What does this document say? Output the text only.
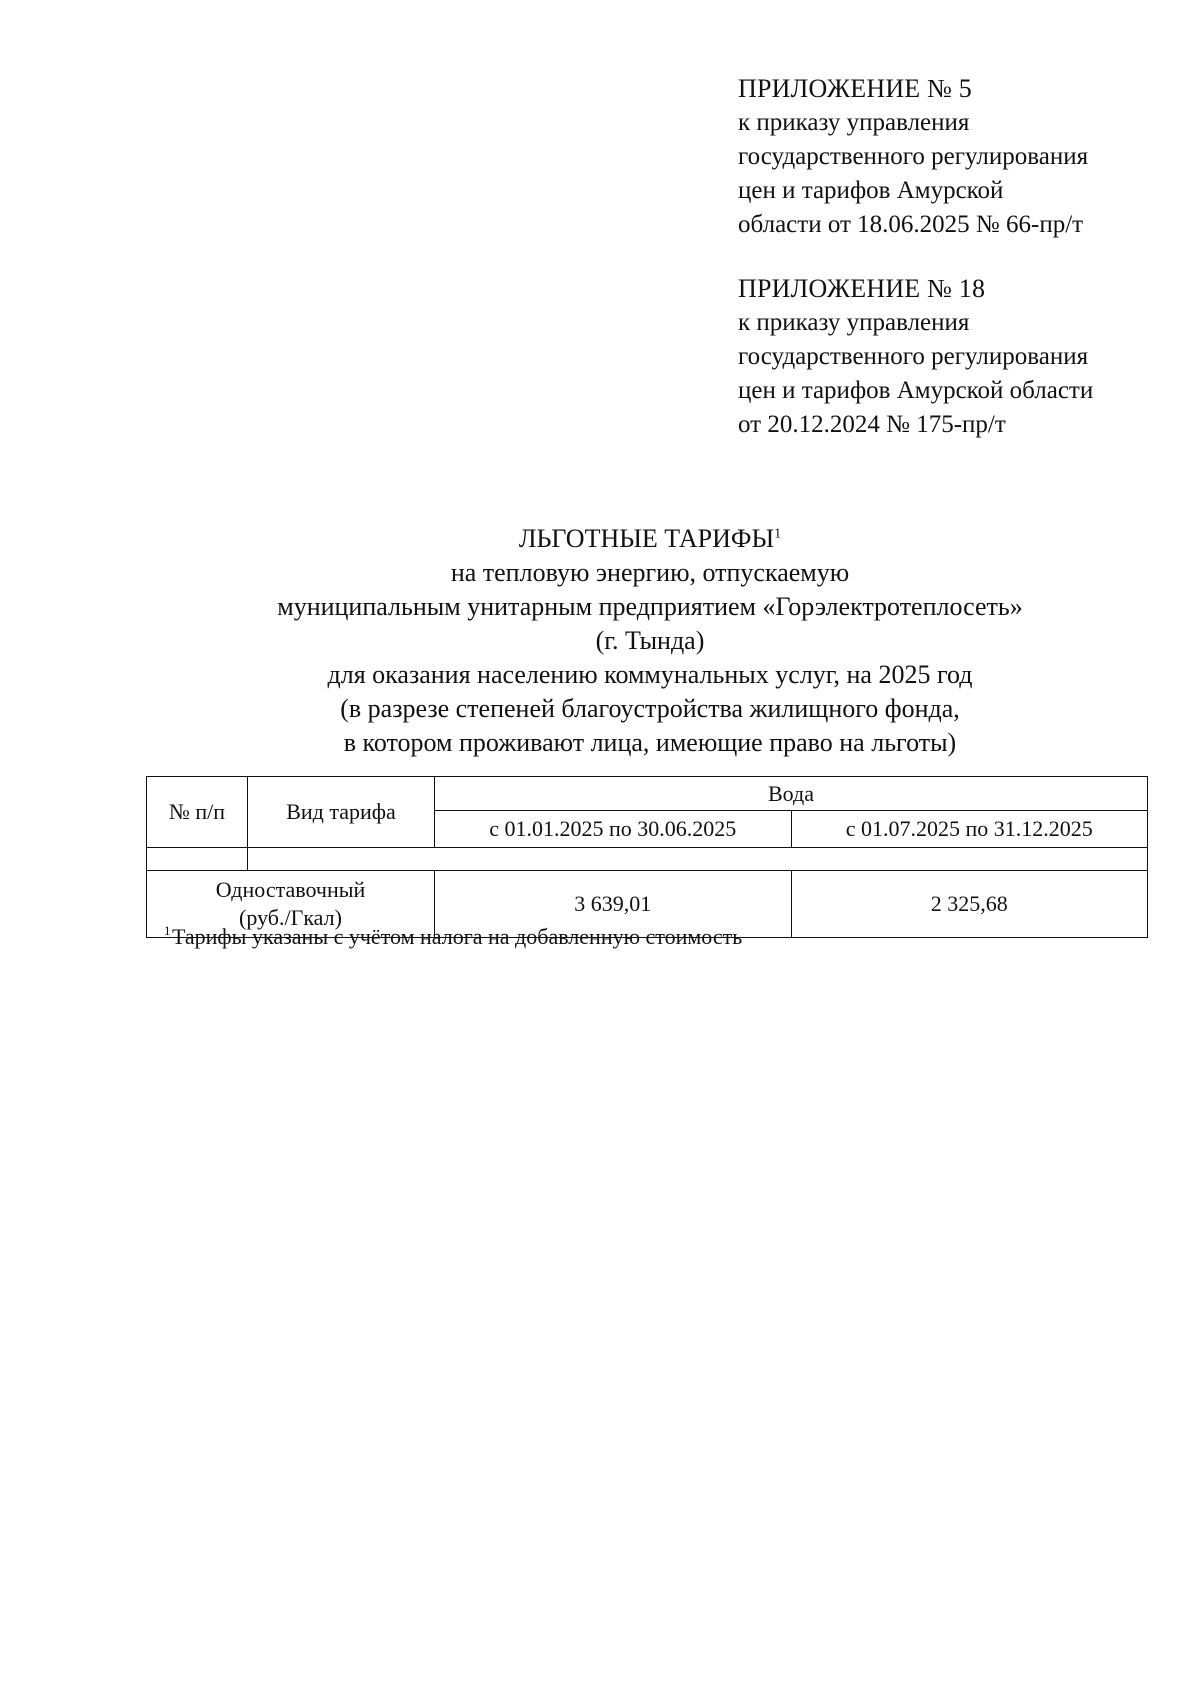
ПРИЛОЖЕНИЕ № 5
к приказу управления
государственного регулирования
цен и тарифов Амурской
области от 18.06.2025 № 66-пр/т
ПРИЛОЖЕНИЕ № 18
к приказу управления
государственного регулирования
цен и тарифов Амурской области
от 20.12.2024 № 175-пр/т
ЛЬГОТНЫЕ ТАРИФЫ$^1$
на тепловую энергию, отпускаемую
муниципальным унитарным предприятием «Горэлектротеплосеть»
(г. Тында)
для оказания населению коммунальных услуг, на 2025 год
(в разрезе степеней благоустройства жилищного фонда,
в котором проживают лица, имеющие право на льготы)
№ п/п	Вид тарифа	Вода	
		с 01.01.2025 по 30.06.2025	с 01.07.2025 по 31.12.2025

Одноставочный
(руб./Гкал)		3 639,01	2 325,68
1 Тарифы указаны с учётом налога на добавленную стоимость
